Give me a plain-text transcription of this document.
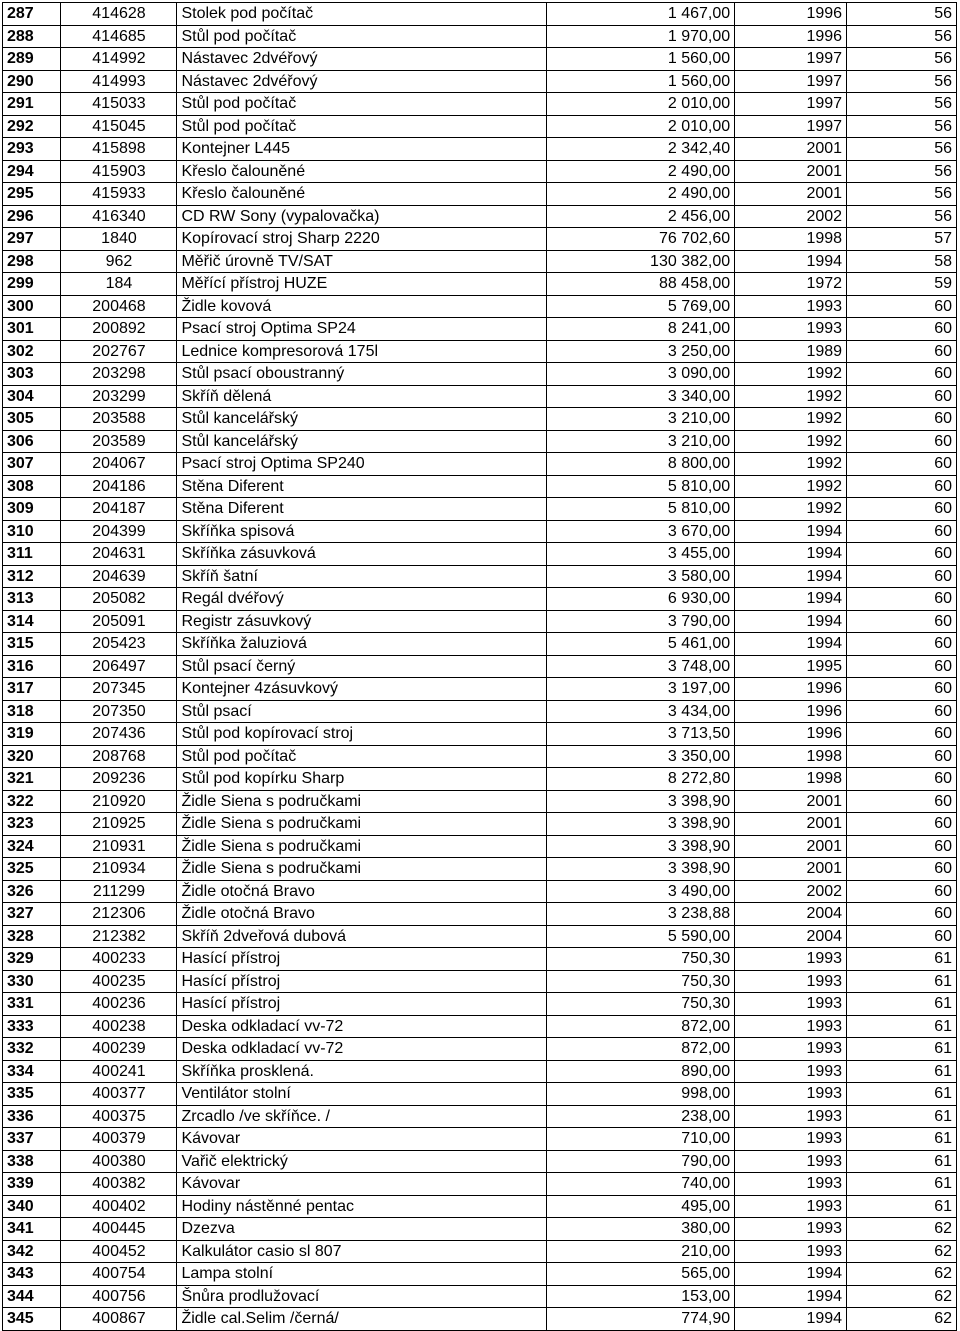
287	414628	Stolek pod počítač	1 467,00	1996	56
288	414685	Stůl pod počítač	1 970,00	1996	56
289	414992	Nástavec 2dvéřový	1 560,00	1997	56
290	414993	Nástavec 2dvéřový	1 560,00	1997	56
291	415033	Stůl pod počítač	2 010,00	1997	56
292	415045	Stůl pod počítač	2 010,00	1997	56
293	415898	Kontejner L445	2 342,40	2001	56
294	415903	Křeslo čalouněné	2 490,00	2001	56
295	415933	Křeslo čalouněné	2 490,00	2001	56
296	416340	CD RW Sony (vypalovačka)	2 456,00	2002	56
297	1840	Kopírovací stroj Sharp 2220	76 702,60	1998	57
298	962	Měřič úrovně TV/SAT	130 382,00	1994	58
299	184	Měřící přístroj HUZE	88 458,00	1972	59
300	200468	Židle kovová	5 769,00	1993	60
301	200892	Psací stroj Optima SP24	8 241,00	1993	60
302	202767	Lednice kompresorová 175l	3 250,00	1989	60
303	203298	Stůl psací oboustranný	3 090,00	1992	60
304	203299	Skříň dělená	3 340,00	1992	60
305	203588	Stůl kancelářský	3 210,00	1992	60
306	203589	Stůl kancelářský	3 210,00	1992	60
307	204067	Psací stroj Optima SP240	8 800,00	1992	60
308	204186	Stěna Diferent	5 810,00	1992	60
309	204187	Stěna Diferent	5 810,00	1992	60
310	204399	Skříňka spisová	3 670,00	1994	60
311	204631	Skříňka zásuvková	3 455,00	1994	60
312	204639	Skříň šatní	3 580,00	1994	60
313	205082	Regál dvéřový	6 930,00	1994	60
314	205091	Registr zásuvkový	3 790,00	1994	60
315	205423	Skříňka žaluziová	5 461,00	1994	60
316	206497	Stůl psací černý	3 748,00	1995	60
317	207345	Kontejner 4zásuvkový	3 197,00	1996	60
318	207350	Stůl psací	3 434,00	1996	60
319	207436	Stůl pod kopírovací stroj	3 713,50	1996	60
320	208768	Stůl pod počítač	3 350,00	1998	60
321	209236	Stůl pod kopírku Sharp	8 272,80	1998	60
322	210920	Židle Siena s područkami	3 398,90	2001	60
323	210925	Židle Siena s područkami	3 398,90	2001	60
324	210931	Židle Siena s područkami	3 398,90	2001	60
325	210934	Židle Siena s područkami	3 398,90	2001	60
326	211299	Židle otočná Bravo	3 490,00	2002	60
327	212306	Židle otočná Bravo	3 238,88	2004	60
328	212382	Skříň 2dveřová dubová	5 590,00	2004	60
329	400233	Hasící přístroj	750,30	1993	61
330	400235	Hasící přístroj	750,30	1993	61
331	400236	Hasící přístroj	750,30	1993	61
333	400238	Deska odkladací vv-72	872,00	1993	61
332	400239	Deska odkladací vv-72	872,00	1993	61
334	400241	Skříňka prosklená.	890,00	1993	61
335	400377	Ventilátor stolní	998,00	1993	61
336	400375	Zrcadlo /ve skříňce. /	238,00	1993	61
337	400379	Kávovar	710,00	1993	61
338	400380	Vařič elektrický	790,00	1993	61
339	400382	Kávovar	740,00	1993	61
340	400402	Hodiny nástěnné pentac	495,00	1993	61
341	400445	Dzezva	380,00	1993	62
342	400452	Kalkulátor casio sl 807	210,00	1993	62
343	400754	Lampa stolní	565,00	1994	62
344	400756	Šnůra prodlužovací	153,00	1994	62
345	400867	Židle cal.Selim /černá/	774,90	1994	62
